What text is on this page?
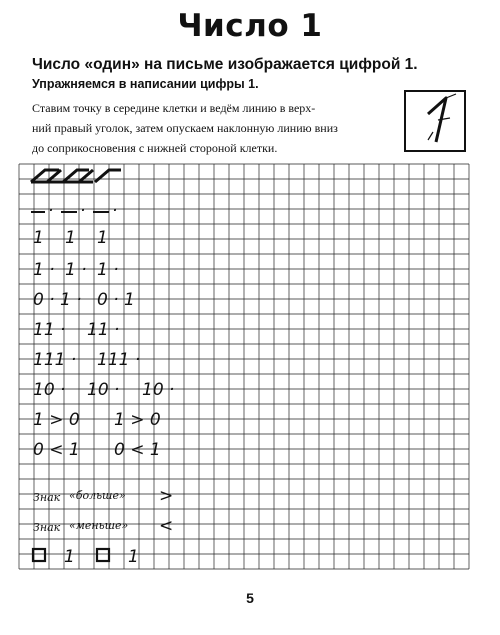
Число 1
Число «один» на письме изображается цифрой 1.
Упражняемся в написании цифры 1.
Ставим точку в середине клетки и ведём линию в верх-
ний правый уголок, затем опускаем наклонную линию вниз
до соприкосновения с нижней стороной клетки.
· · ·
1 1 1
1 · 1 · 1 ·
0 · 1 · 0 · 1
11 · 11 ·
111 · 111 ·
10 · 10 · 10 ·
1 > 0 1 > 0
0 < 1 0 < 1
Знак «больше» >
Знак «меньше» <
1	1
5
